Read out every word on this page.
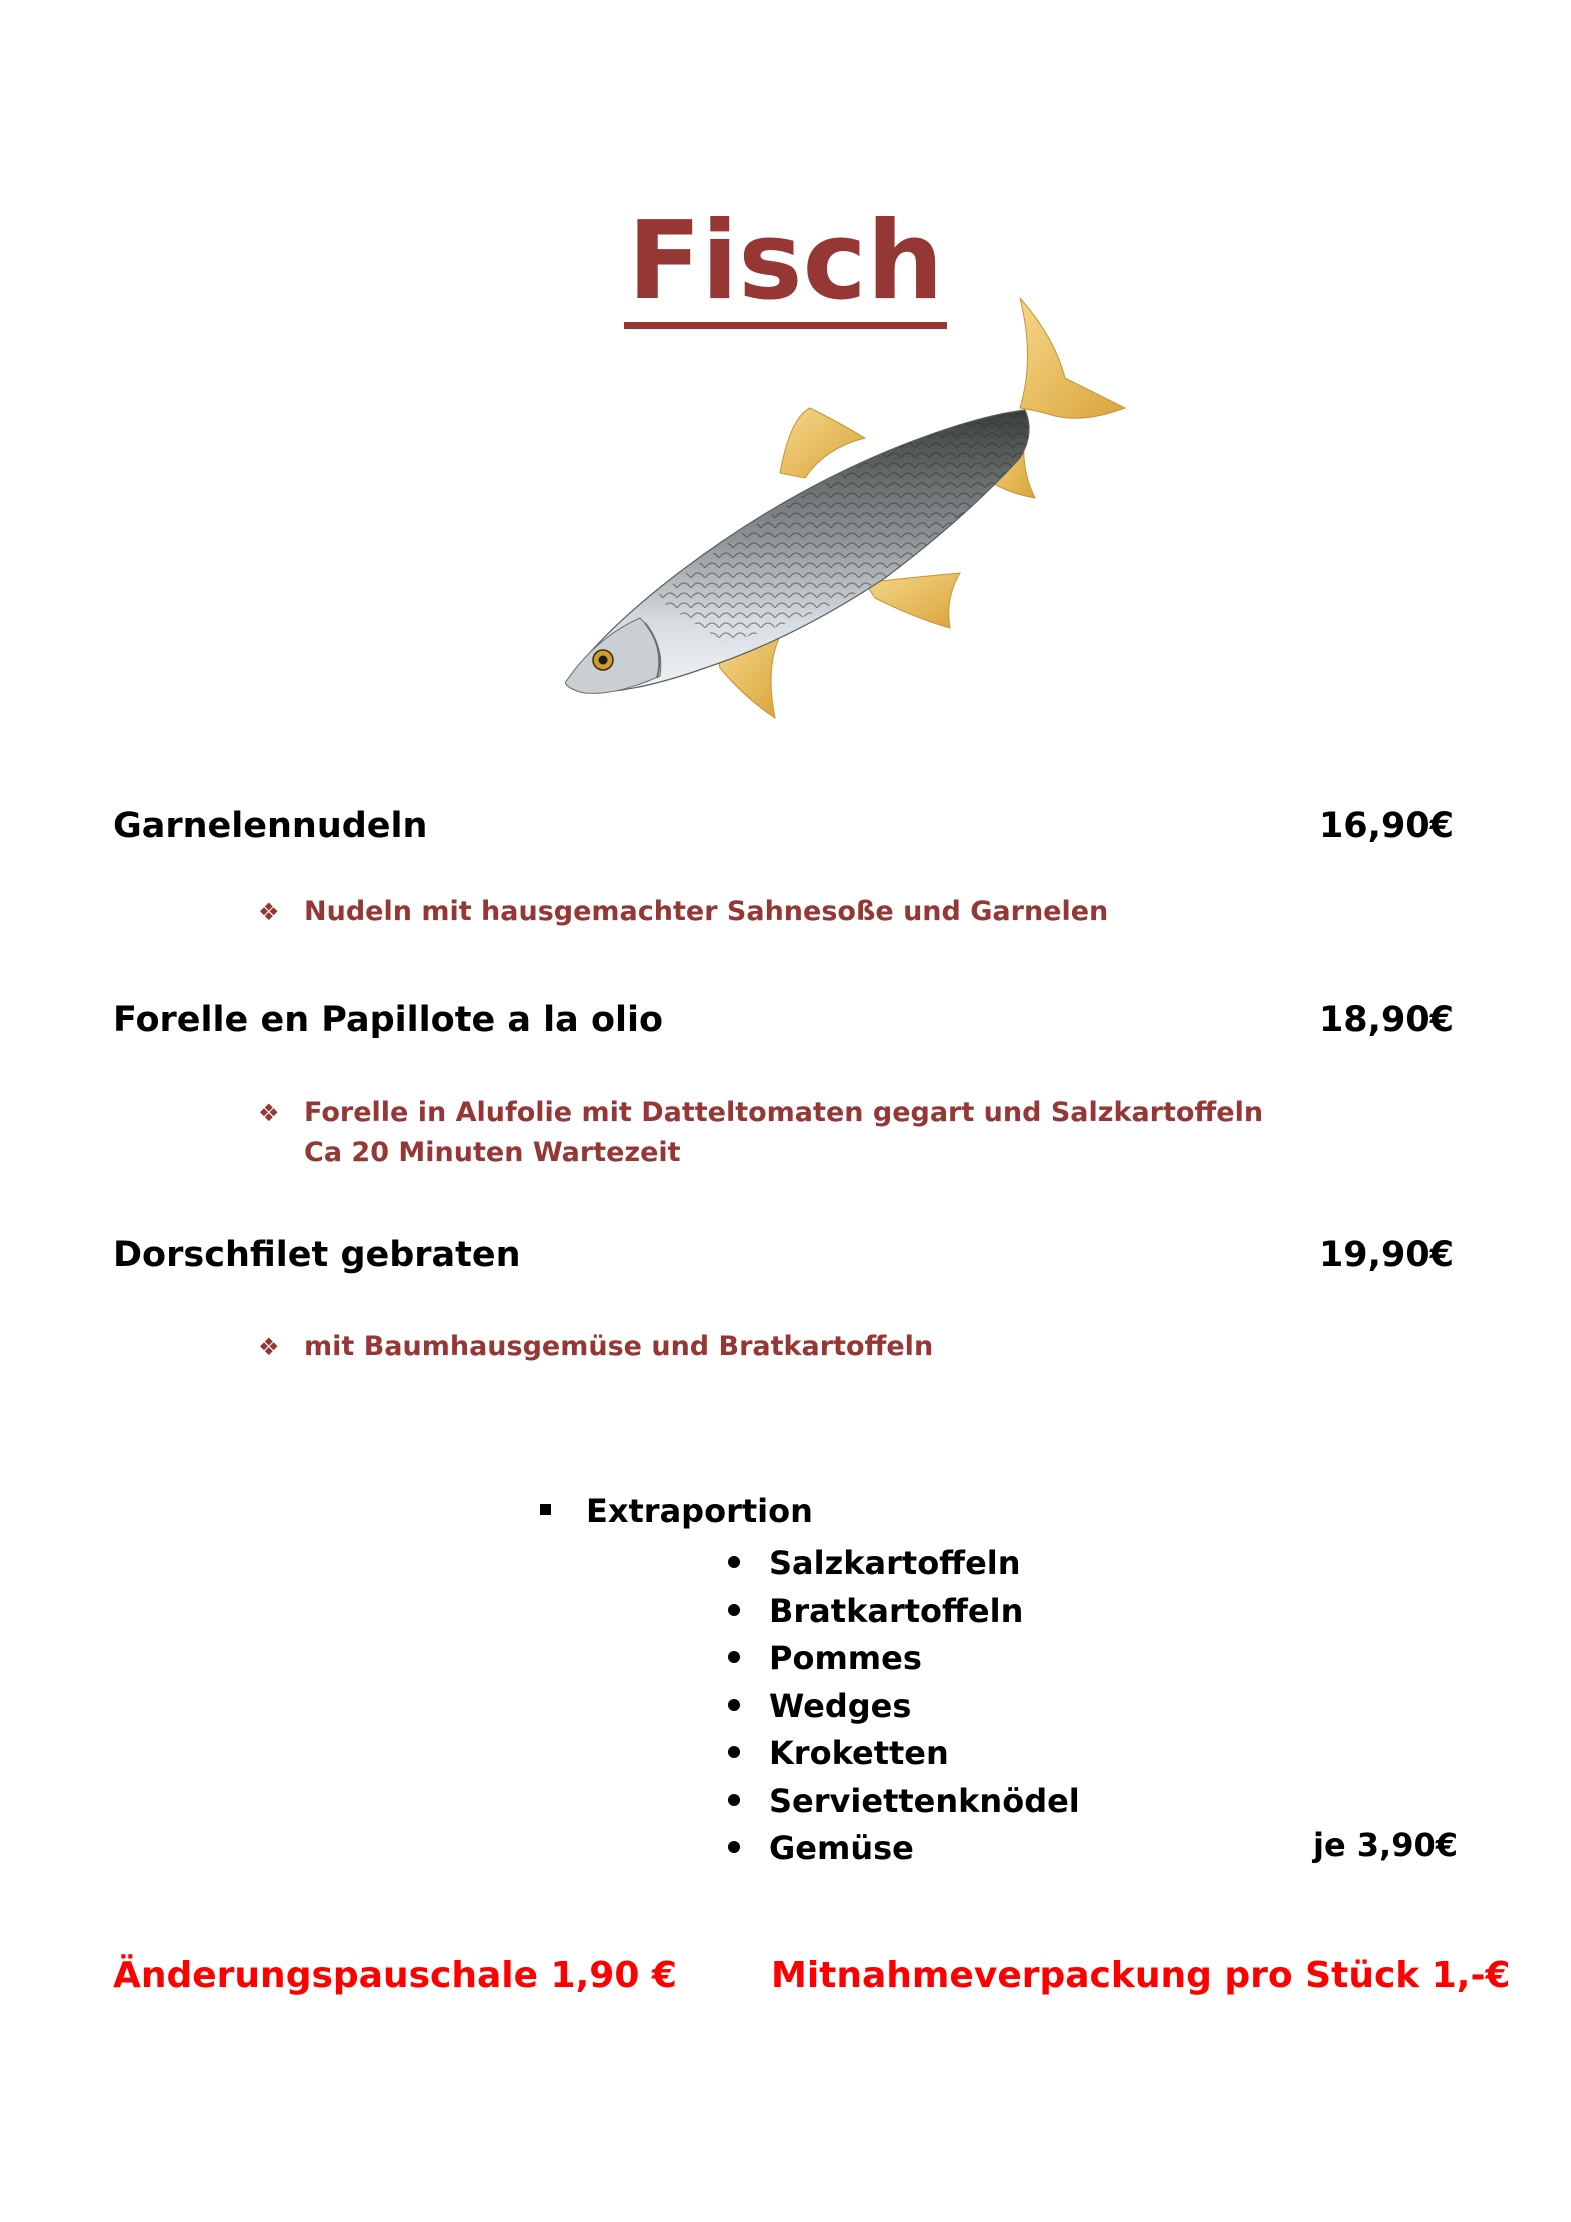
Fisch
Garnelennudeln	16,90€
❖ Nudeln mit hausgemachter Sahnesoße und Garnelen
Forelle en Papillote a la olio	18,90€
❖ Forelle in Alufolie mit Datteltomaten gegart und Salzkartoffeln
Ca 20 Minuten Wartezeit
Dorschfilet gebraten	19,90€
❖ mit Baumhausgemüse und Bratkartoffeln
Extraportion
Salzkartoffeln
Bratkartoffeln
Pommes
Wedges
Kroketten
Serviettenknödel
Gemüse	je 3,90€
Änderungspauschale 1,90 €	Mitnahmeverpackung pro Stück 1,-€
